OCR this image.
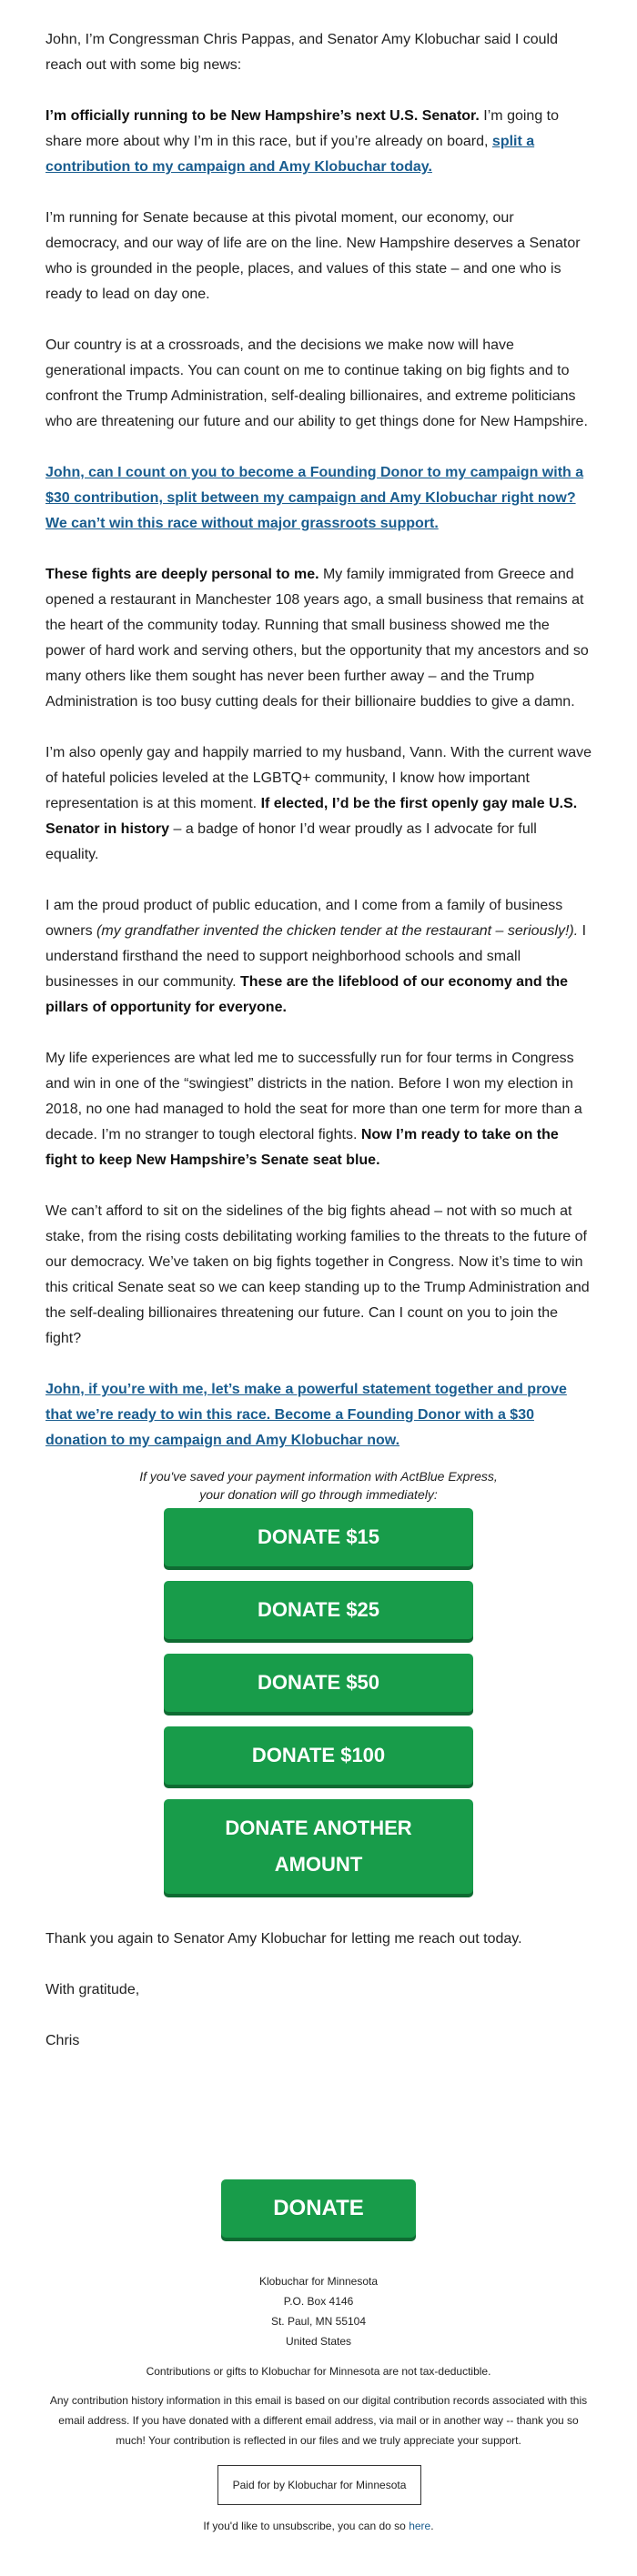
John, I’m Congressman Chris Pappas, and Senator Amy Klobuchar said I could reach out with some big news:

I’m officially running to be New Hampshire’s next U.S. Senator. I’m going to share more about why I’m in this race, but if you’re already on board, split a contribution to my campaign and Amy Klobuchar today.

I’m running for Senate because at this pivotal moment, our economy, our democracy, and our way of life are on the line. New Hampshire deserves a Senator who is grounded in the people, places, and values of this state – and one who is ready to lead on day one.

Our country is at a crossroads, and the decisions we make now will have generational impacts. You can count on me to continue taking on big fights and to confront the Trump Administration, self-dealing billionaires, and extreme politicians who are threatening our future and our ability to get things done for New Hampshire.

John, can I count on you to become a Founding Donor to my campaign with a $30 contribution, split between my campaign and Amy Klobuchar right now? We can’t win this race without major grassroots support.

These fights are deeply personal to me. My family immigrated from Greece and opened a restaurant in Manchester 108 years ago, a small business that remains at the heart of the community today. Running that small business showed me the power of hard work and serving others, but the opportunity that my ancestors and so many others like them sought has never been further away – and the Trump Administration is too busy cutting deals for their billionaire buddies to give a damn.

I’m also openly gay and happily married to my husband, Vann. With the current wave of hateful policies leveled at the LGBTQ+ community, I know how important representation is at this moment. If elected, I’d be the first openly gay male U.S. Senator in history – a badge of honor I’d wear proudly as I advocate for full equality.

I am the proud product of public education, and I come from a family of business owners (my grandfather invented the chicken tender at the restaurant – seriously!). I understand firsthand the need to support neighborhood schools and small businesses in our community. These are the lifeblood of our economy and the pillars of opportunity for everyone.

My life experiences are what led me to successfully run for four terms in Congress and win in one of the “swingiest” districts in the nation. Before I won my election in 2018, no one had managed to hold the seat for more than one term for more than a decade. I’m no stranger to tough electoral fights. Now I’m ready to take on the fight to keep New Hampshire’s Senate seat blue.

We can’t afford to sit on the sidelines of the big fights ahead – not with so much at stake, from the rising costs debilitating working families to the threats to the future of our democracy. We’ve taken on big fights together in Congress. Now it’s time to win this critical Senate seat so we can keep standing up to the Trump Administration and the self-dealing billionaires threatening our future. Can I count on you to join the fight?

John, if you’re with me, let’s make a powerful statement together and prove that we’re ready to win this race. Become a Founding Donor with a $30 donation to my campaign and Amy Klobuchar now.

If you've saved your payment information with ActBlue Express,
your donation will go through immediately:
DONATE $15
DONATE $25
DONATE $50
DONATE $100
DONATE ANOTHER
AMOUNT

Thank you again to Senator Amy Klobuchar for letting me reach out today.

With gratitude,

Chris

DONATE
Klobuchar for Minnesota
P.O. Box 4146
St. Paul, MN 55104
United States
Contributions or gifts to Klobuchar for Minnesota are not tax-deductible.
Any contribution history information in this email is based on our digital contribution records associated with this email address. If you have donated with a different email address, via mail or in another way -- thank you so much! Your contribution is reflected in our files and we truly appreciate your support.
Paid for by Klobuchar for Minnesota
If you'd like to unsubscribe, you can do so here.
